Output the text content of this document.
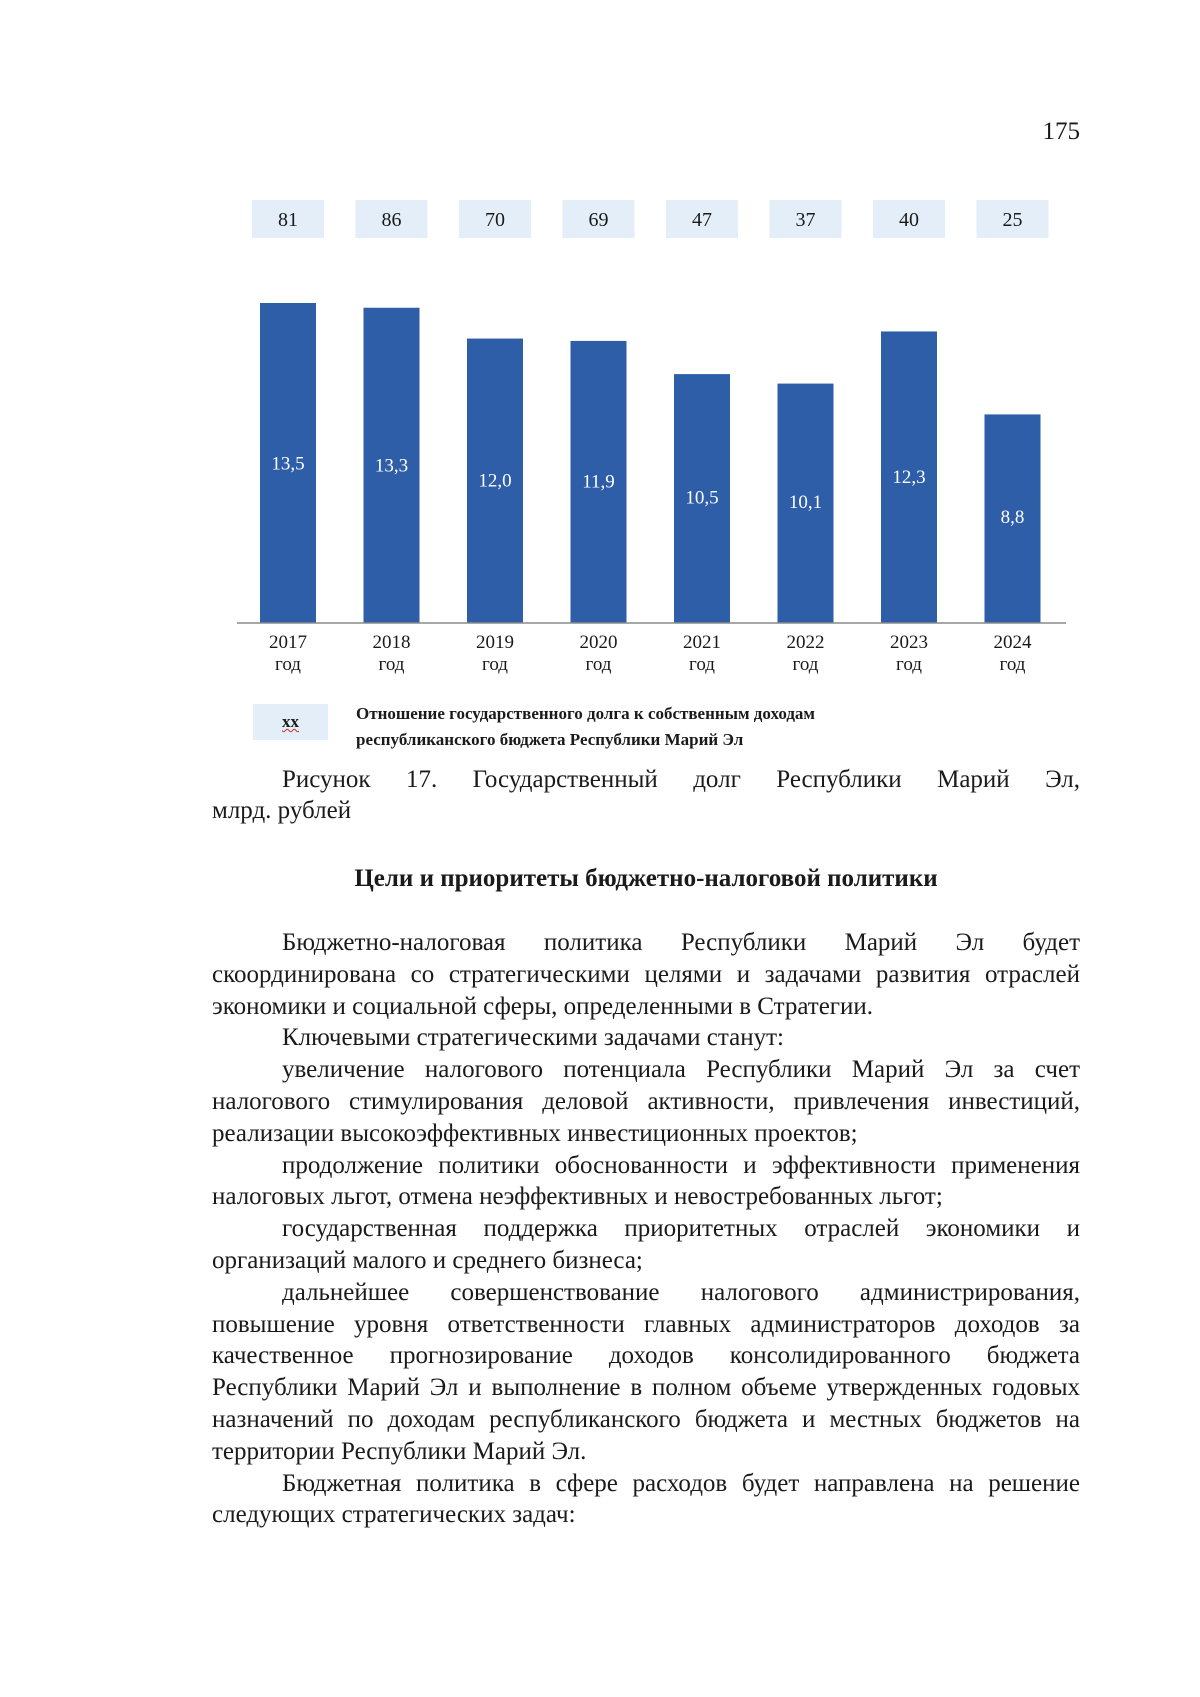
175
81	86	70	69	47	37	40	25
13,5	13,3
12,0	11,9
10,5	10,1
12,3
8,8
2017
год
2018
год
2019
год
2020
год
2021
год
2022
год
2023
год
2024
год
xx	Отношение государственного долга к собственным доходам
республиканского бюджета Республики Марий Эл
Рисунок 17. Государственный долг Республики Марий Эл,
млрд. рублей
Цели и приоритеты бюджетно-налоговой политики

Бюджетно-налоговая политика Республики Марий Эл будет скоординирована со стратегическими целями и задачами развития отраслей экономики и социальной сферы, определенными в Стратегии.

Ключевыми стратегическими задачами станут:

увеличение налогового потенциала Республики Марий Эл за счет налогового стимулирования деловой активности, привлечения инвестиций, реализации высокоэффективных инвестиционных проектов;

продолжение политики обоснованности и эффективности применения налоговых льгот, отмена неэффективных и невостребованных льгот;

государственная поддержка приоритетных отраслей экономики и организаций малого и среднего бизнеса;

дальнейшее совершенствование налогового администрирования, повышение уровня ответственности главных администраторов доходов за качественное прогнозирование доходов консолидированного бюджета Республики Марий Эл и выполнение в полном объеме утвержденных годовых назначений по доходам республиканского бюджета и местных бюджетов на территории Республики Марий Эл.

Бюджетная политика в сфере расходов будет направлена на решение следующих стратегических задач:
